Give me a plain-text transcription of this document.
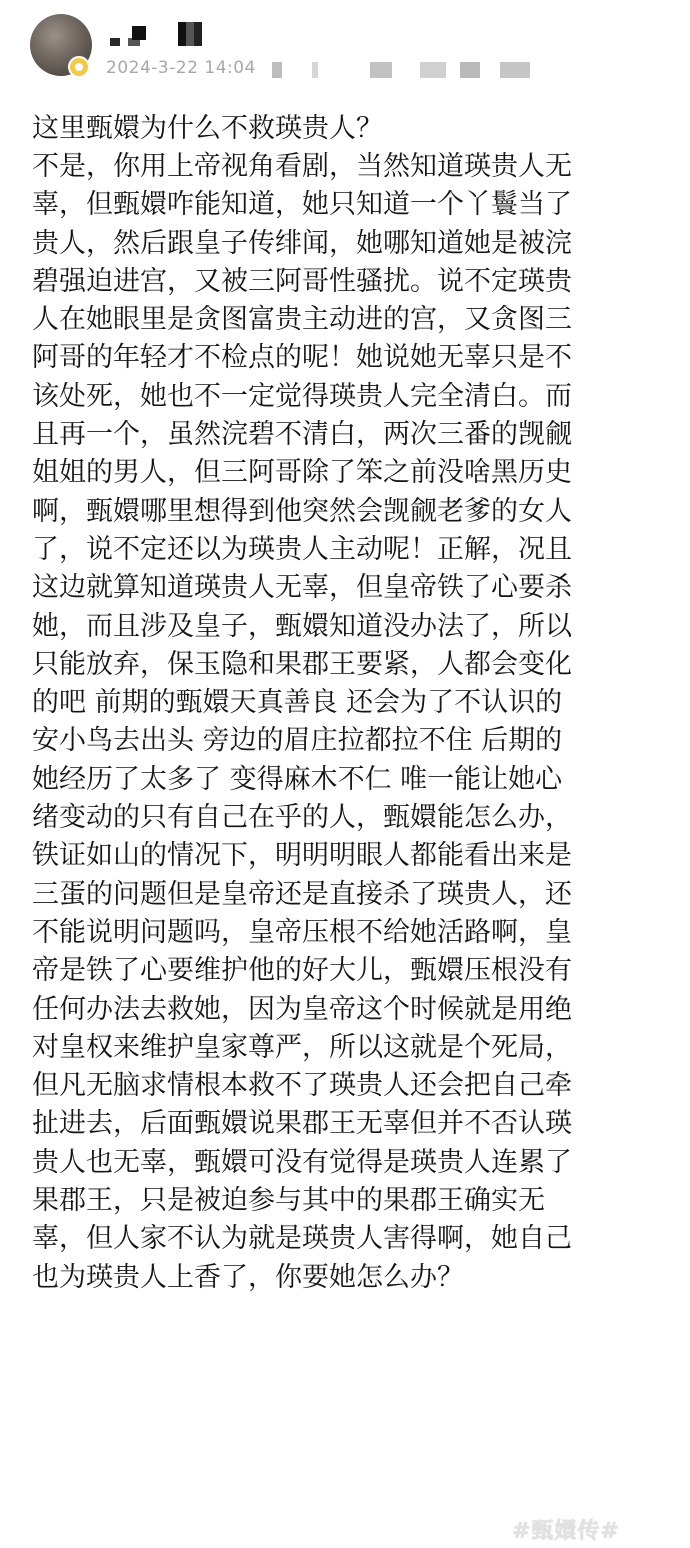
2024-3-22 14:04

这里甄嬛为什么不救瑛贵人？

不是，你用上帝视角看剧，当然知道瑛贵人无

辜，但甄嬛咋能知道，她只知道一个丫鬟当了

贵人，然后跟皇子传绯闻，她哪知道她是被浣

碧强迫进宫，又被三阿哥性骚扰。说不定瑛贵

人在她眼里是贪图富贵主动进的宫，又贪图三

阿哥的年轻才不检点的呢！她说她无辜只是不

该处死，她也不一定觉得瑛贵人完全清白。而

且再一个，虽然浣碧不清白，两次三番的觊觎

姐姐的男人，但三阿哥除了笨之前没啥黑历史

啊，甄嬛哪里想得到他突然会觊觎老爹的女人

了，说不定还以为瑛贵人主动呢！正解，况且

这边就算知道瑛贵人无辜，但皇帝铁了心要杀

她，而且涉及皇子，甄嬛知道没办法了，所以

只能放弃，保玉隐和果郡王要紧，人都会变化

的吧 前期的甄嬛天真善良 还会为了不认识的

安小鸟去出头 旁边的眉庄拉都拉不住 后期的

她经历了太多了 变得麻木不仁 唯一能让她心

绪变动的只有自己在乎的人，甄嬛能怎么办，

铁证如山的情况下，明明明眼人都能看出来是

三蛋的问题但是皇帝还是直接杀了瑛贵人，还

不能说明问题吗，皇帝压根不给她活路啊，皇

帝是铁了心要维护他的好大儿，甄嬛压根没有

任何办法去救她，因为皇帝这个时候就是用绝

对皇权来维护皇家尊严，所以这就是个死局，

但凡无脑求情根本救不了瑛贵人还会把自己牵

扯进去，后面甄嬛说果郡王无辜但并不否认瑛

贵人也无辜，甄嬛可没有觉得是瑛贵人连累了

果郡王，只是被迫参与其中的果郡王确实无

辜，但人家不认为就是瑛贵人害得啊，她自己

也为瑛贵人上香了，你要她怎么办？

#甄嬛传#
